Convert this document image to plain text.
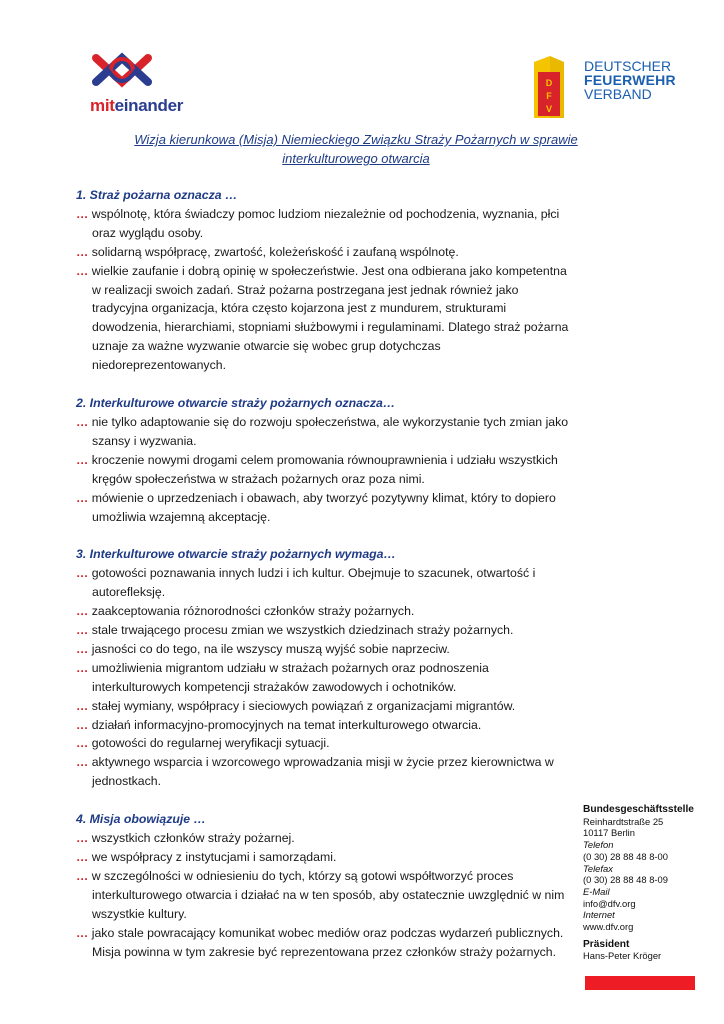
miteinander
D
F
V
DEUTSCHER
FEUERWEHR
VERBAND
Wizja kierunkowa (Misja) Niemieckiego Związku Straży Pożarnych w sprawie
interkulturowego otwarcia
1. Straż pożarna oznacza …

… wspólnotę, która świadczy pomoc ludziom niezależnie od pochodzenia, wyznania, płci oraz wyglądu osoby.

… solidarną współpracę, zwartość, koleżeńskość i zaufaną wspólnotę.

… wielkie zaufanie i dobrą opinię w społeczeństwie. Jest ona odbierana jako kompetentna w realizacji swoich zadań. Straż pożarna postrzegana jest jednak również jako tradycyjna organizacja, która często kojarzona jest z mundurem, strukturami dowodzenia, hierarchiami, stopniami służbowymi i regulaminami. Dlatego straż pożarna uznaje za ważne wyzwanie otwarcie się wobec grup dotychczas niedoreprezentowanych.

2. Interkulturowe otwarcie straży pożarnych oznacza…

… nie tylko adaptowanie się do rozwoju społeczeństwa, ale wykorzystanie tych zmian jako szansy i wyzwania.

… kroczenie nowymi drogami celem promowania równouprawnienia i udziału wszystkich kręgów społeczeństwa w strażach pożarnych oraz poza nimi.

… mówienie o uprzedzeniach i obawach, aby tworzyć pozytywny klimat, który to dopiero umożliwia wzajemną akceptację.

3. Interkulturowe otwarcie straży pożarnych wymaga…

… gotowości poznawania innych ludzi i ich kultur. Obejmuje to szacunek, otwartość i autorefleksję.

… zaakceptowania różnorodności członków straży pożarnych.

… stale trwającego procesu zmian we wszystkich dziedzinach straży pożarnych.

… jasności co do tego, na ile wszyscy muszą wyjść sobie naprzeciw.

… umożliwienia migrantom udziału w strażach pożarnych oraz podnoszenia interkulturowych kompetencji strażaków zawodowych i ochotników.

… stałej wymiany, współpracy i sieciowych powiązań z organizacjami migrantów.

… działań informacyjno-promocyjnych na temat interkulturowego otwarcia.

… gotowości do regularnej weryfikacji sytuacji.

… aktywnego wsparcia i wzorcowego wprowadzania misji w życie przez kierownictwa w jednostkach.

4. Misja obowiązuje …

… wszystkich członków straży pożarnej.

… we współpracy z instytucjami i samorządami.

… w szczególności w odniesieniu do tych, którzy są gotowi współtworzyć proces interkulturowego otwarcia i działać na w ten sposób, aby ostatecznie uwzględnić w nim wszystkie kultury.

… jako stale powracający komunikat wobec mediów oraz podczas wydarzeń publicznych. Misja powinna w tym zakresie być reprezentowana przez członków straży pożarnych.

Bundesgeschäftsstelle
Reinhardtstraße 25
10117 Berlin
Telefon
(0 30) 28 88 48 8-00
Telefax
(0 30) 28 88 48 8-09
E-Mail
info@dfv.org
Internet
www.dfv.org
Präsident
Hans-Peter Kröger
